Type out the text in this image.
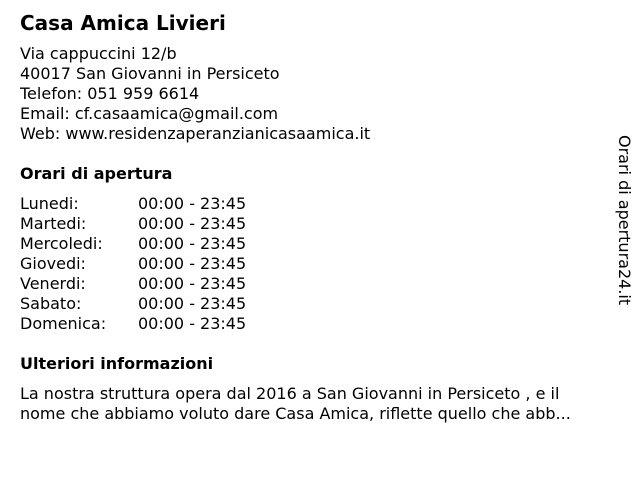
Casa Amica Livieri
Via cappuccini 12/b
40017 San Giovanni in Persiceto
Telefon: 051 959 6614
Email: cf.casaamica@gmail.com
Web: www.residenzaperanzianicasaamica.it
Orari di apertura
Lunedi:	00:00 - 23:45
Martedi:	00:00 - 23:45
Mercoledi: 00:00 - 23:45
Giovedi:	00:00 - 23:45
Venerdi:	00:00 - 23:45
Sabato:	00:00 - 23:45
Domenica: 00:00 - 23:45
Ulteriori informazioni
La nostra struttura opera dal 2016 a San Giovanni in Persiceto , e il
nome che abbiamo voluto dare Casa Amica, riflette quello che abb...
Orari di apertura24.it
